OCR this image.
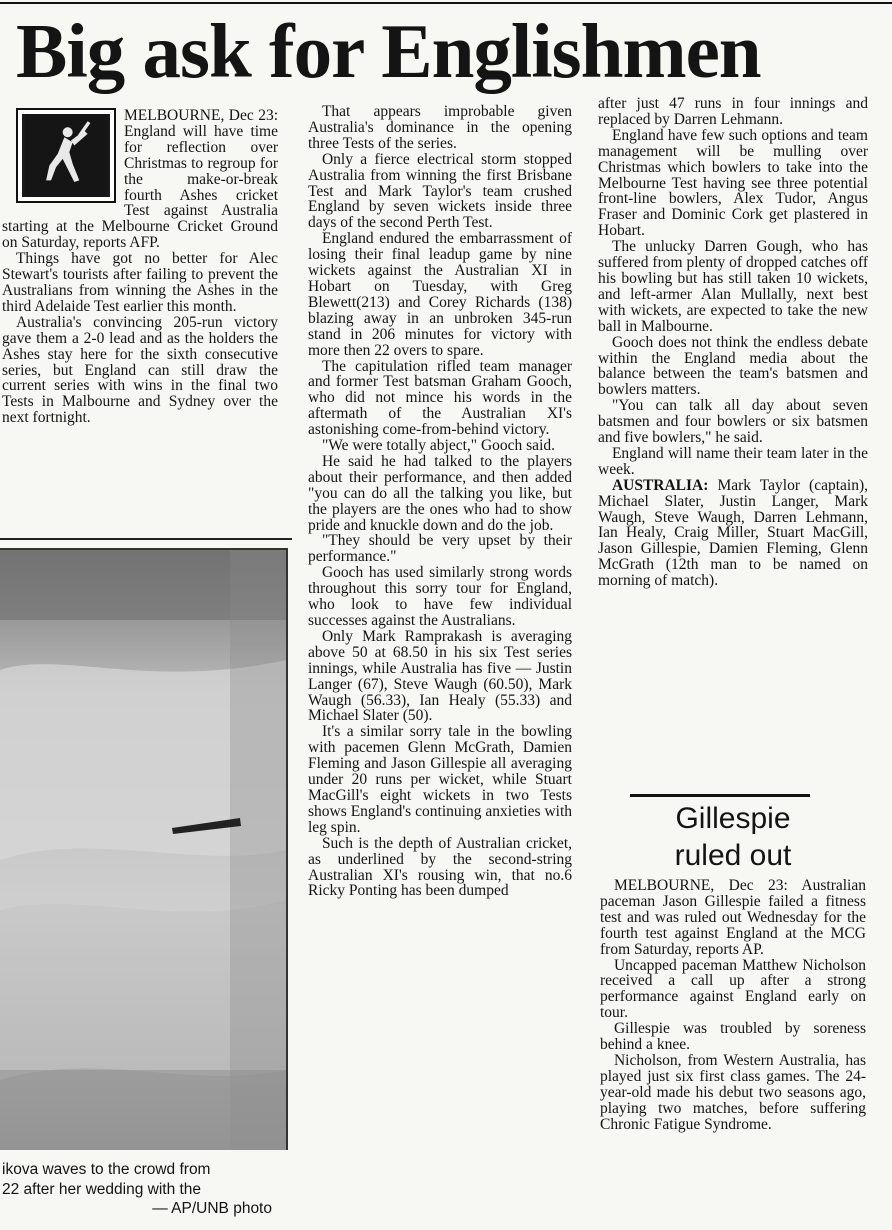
Big ask for Englishmen

MELBOURNE, Dec 23: England will have time for reflection over Christmas to regroup for the make-or-break fourth Ashes cricket Test against Australia starting at the Melbourne Cricket Ground on Saturday, reports AFP.

Things have got no better for Alec Stewart's tourists after failing to prevent the Australians from winning the Ashes in the third Adelaide Test earlier this month.

Australia's convincing 205-run victory gave them a 2-0 lead and as the holders the Ashes stay here for the sixth consecutive series, but England can still draw the current series with wins in the final two Tests in Malbourne and Sydney over the next fortnight.

ikova waves to the crowd from
22 after her wedding with the
— AP/UNB photo

That appears improbable given Australia's dominance in the opening three Tests of the series.

Only a fierce electrical storm stopped Australia from winning the first Brisbane Test and Mark Taylor's team crushed England by seven wickets inside three days of the second Perth Test.

England endured the embarrassment of losing their final leadup game by nine wickets against the Australian XI in Hobart on Tuesday, with Greg Blewett(213) and Corey Richards (138) blazing away in an unbroken 345-run stand in 206 minutes for victory with more then 22 overs to spare.

The capitulation rifled team manager and former Test batsman Graham Gooch, who did not mince his words in the aftermath of the Australian XI's astonishing come-from-behind victory.

"We were totally abject," Gooch said.

He said he had talked to the players about their performance, and then added "you can do all the talking you like, but the players are the ones who had to show pride and knuckle down and do the job.

"They should be very upset by their performance."

Gooch has used similarly strong words throughout this sorry tour for England, who look to have few individual successes against the Australians.

Only Mark Ramprakash is averaging above 50 at 68.50 in his six Test series innings, while Australia has five — Justin Langer (67), Steve Waugh (60.50), Mark Waugh (56.33), Ian Healy (55.33) and Michael Slater (50).

It's a similar sorry tale in the bowling with pacemen Glenn McGrath, Damien Fleming and Jason Gillespie all averaging under 20 runs per wicket, while Stuart MacGill's eight wickets in two Tests shows England's continuing anxieties with leg spin.

Such is the depth of Australian cricket, as underlined by the second-string Australian XI's rousing win, that no.6 Ricky Ponting has been dumped

after just 47 runs in four innings and replaced by Darren Lehmann.

England have few such options and team management will be mulling over Christmas which bowlers to take into the Melbourne Test having see three potential front-line bowlers, Alex Tudor, Angus Fraser and Dominic Cork get plastered in Hobart.

The unlucky Darren Gough, who has suffered from plenty of dropped catches off his bowling but has still taken 10 wickets, and left-armer Alan Mullally, next best with wickets, are expected to take the new ball in Malbourne.

Gooch does not think the endless debate within the England media about the balance between the team's batsmen and bowlers matters.

"You can talk all day about seven batsmen and four bowlers or six batsmen and five bowlers," he said.

England will name their team later in the week.

AUSTRALIA: Mark Taylor (captain), Michael Slater, Justin Langer, Mark Waugh, Steve Waugh, Darren Lehmann, Ian Healy, Craig Miller, Stuart MacGill, Jason Gillespie, Damien Fleming, Glenn McGrath (12th man to be named on morning of match).

Gillespie
ruled out

MELBOURNE, Dec 23: Australian paceman Jason Gillespie failed a fitness test and was ruled out Wednesday for the fourth test against England at the MCG from Saturday, reports AP.

Uncapped paceman Matthew Nicholson received a call up after a strong performance against England early on tour.

Gillespie was troubled by soreness behind a knee.

Nicholson, from Western Australia, has played just six first class games. The 24-year-old made his debut two seasons ago, playing two matches, before suffering Chronic Fatigue Syndrome.
